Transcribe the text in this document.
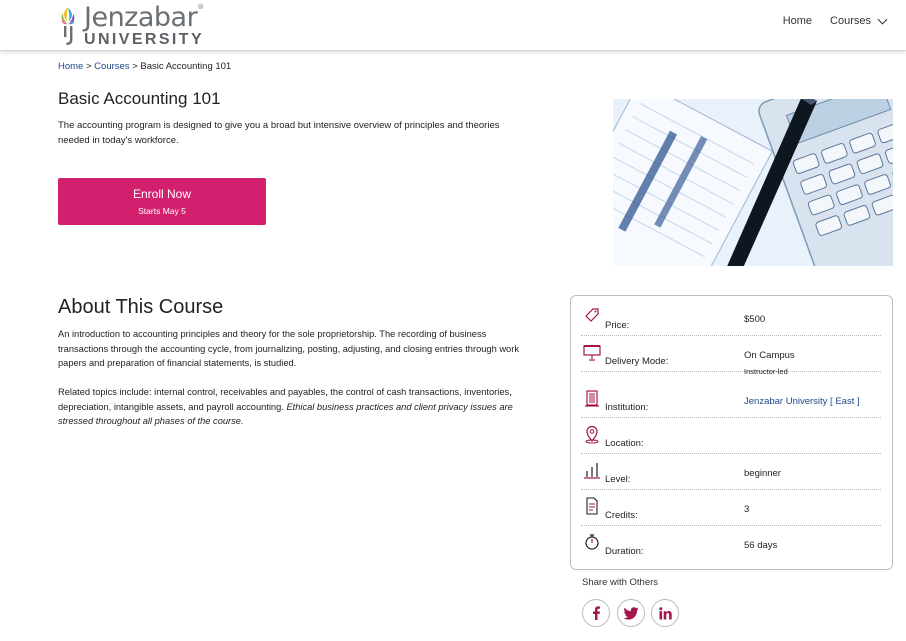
Jenzabar®
UNIVERSITY
Home Courses
Home > Courses > Basic Accounting 101
Basic Accounting 101

The accounting program is designed to give you a broad but intensive overview of principles and theories needed in today's workforce.

Enroll Now
Starts May 5
About This Course

An introduction to accounting principles and theory for the sole proprietorship. The recording of business transactions through the accounting cycle, from journalizing, posting, adjusting, and closing entries through work papers and preparation of financial statements, is studied.

Related topics include: internal control, receivables and payables, the control of cash transactions, inventories, depreciation, intangible assets, and payroll accounting. Ethical business practices and client privacy issues are stressed throughout all phases of the course.

Price:
$500
Delivery Mode:
On Campus
Instructor-led
Institution:
Jenzabar University [ East ]
Location:
Level:
beginner
Credits:
3
Duration:
56 days
Share with Others
